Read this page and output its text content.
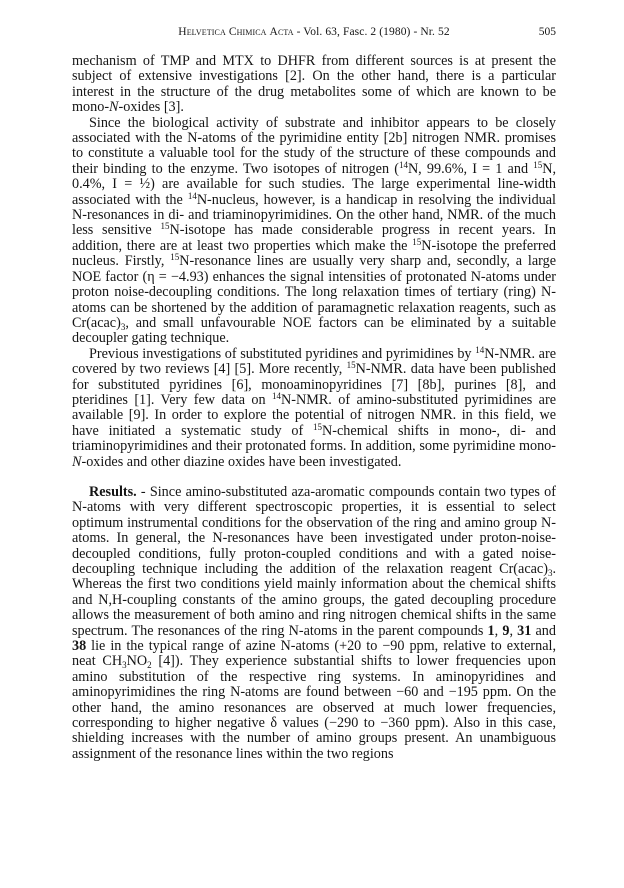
Helvetica Chimica Acta - Vol. 63, Fasc. 2 (1980) - Nr. 52	505

mechanism of TMP and MTX to DHFR from different sources is at present the subject of extensive investigations [2]. On the other hand, there is a particular interest in the structure of the drug metabolites some of which are known to be mono-N-oxides [3].

Since the biological activity of substrate and inhibitor appears to be closely associated with the N-atoms of the pyrimidine entity [2b] nitrogen NMR. promises to constitute a valuable tool for the study of the structure of these compounds and their binding to the enzyme. Two isotopes of nitrogen ($^{14}$N, 99.6%, I = 1 and $^{15}$N, 0.4%, I = ½) are available for such studies. The large experimental line-width associated with the $^{14}$N-nucleus, however, is a handicap in resolving the individual N-resonances in di- and triaminopyrimidines. On the other hand, NMR. of the much less sensitive $^{15}$N-isotope has made considerable progress in recent years. In addition, there are at least two properties which make the $^{15}$N-isotope the preferred nucleus. Firstly, $^{15}$N-resonance lines are usually very sharp and, secondly, a large NOE factor (η = −4.93) enhances the signal intensities of protonated N-atoms under proton noise-decoupling conditions. The long relaxation times of tertiary (ring) N-atoms can be shortened by the addition of paramagnetic relaxation reagents, such as $Cr(acac)_3$, and small unfavourable NOE factors can be eliminated by a suitable decoupler gating technique.

Previous investigations of substituted pyridines and pyrimidines by $^{14}$N-NMR. are covered by two reviews [4] [5]. More recently, $^{15}$N-NMR. data have been published for substituted pyridines [6], monoaminopyridines [7] [8b], purines [8], and pteridines [1]. Very few data on $^{14}$N-NMR. of amino-substituted pyrimidines are available [9]. In order to explore the potential of nitrogen NMR. in this field, we have initiated a systematic study of $^{15}$N-chemical shifts in mono-, di- and triaminopyrimidines and their protonated forms. In addition, some pyrimidine mono-N-oxides and other diazine oxides have been investigated.

Results. - Since amino-substituted aza-aromatic compounds contain two types of N-atoms with very different spectroscopic properties, it is essential to select optimum instrumental conditions for the observation of the ring and amino group N-atoms. In general, the N-resonances have been investigated under proton-noise-decoupled conditions, fully proton-coupled conditions and with a gated noise-decoupling technique including the addition of the relaxation reagent $Cr(acac)_3$. Whereas the first two conditions yield mainly information about the chemical shifts and N,H-coupling constants of the amino groups, the gated decoupling procedure allows the measurement of both amino and ring nitrogen chemical shifts in the same spectrum. The resonances of the ring N-atoms in the parent compounds 1, 9, 31 and 38 lie in the typical range of azine N-atoms (+20 to −90 ppm, relative to external, neat $CH_3NO_2$ [4]). They experience substantial shifts to lower frequencies upon amino substitution of the respective ring systems. In aminopyridines and aminopyrimidines the ring N-atoms are found between −60 and −195 ppm. On the other hand, the amino resonances are observed at much lower frequencies, corresponding to higher negative δ values (−290 to −360 ppm). Also in this case, shielding increases with the number of amino groups present. An unambiguous assignment of the resonance lines within the two regions
